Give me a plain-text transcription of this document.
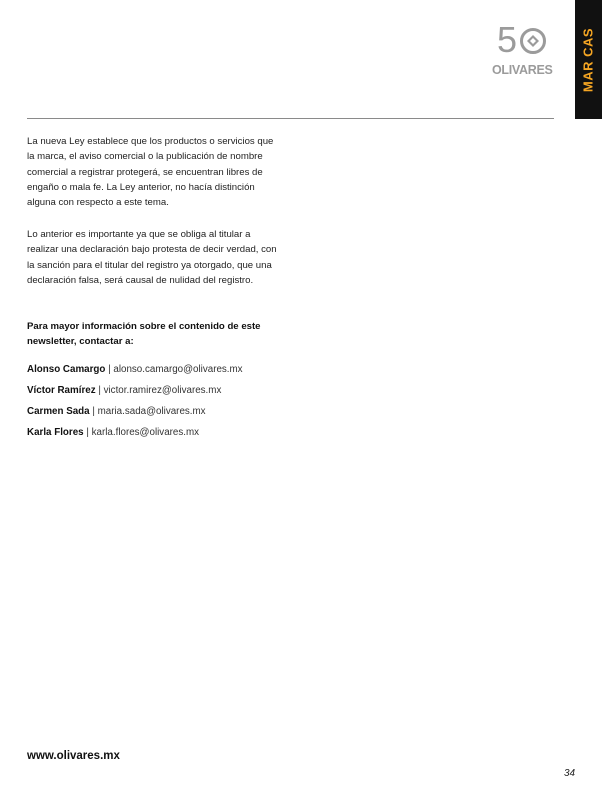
5
OLIVARES MAR CAS

La nueva Ley establece que los productos o servicios que la marca, el aviso comercial o la publicación de nombre comercial a registrar protegerá, se encuentran libres de engaño o mala fe. La Ley anterior, no hacía distinción alguna con respecto a este tema.

Lo anterior es importante ya que se obliga al titular a realizar una declaración bajo protesta de decir verdad, con la sanción para el titular del registro ya otorgado, que una declaración falsa, será causal de nulidad del registro.

Para mayor información sobre el contenido de este newsletter, contactar a:

Alonso Camargo | alonso.camargo@olivares.mx
Víctor Ramírez | victor.ramirez@olivares.mx
Carmen Sada | maria.sada@olivares.mx
Karla Flores | karla.flores@olivares.mx
www.olivares.mx
34
